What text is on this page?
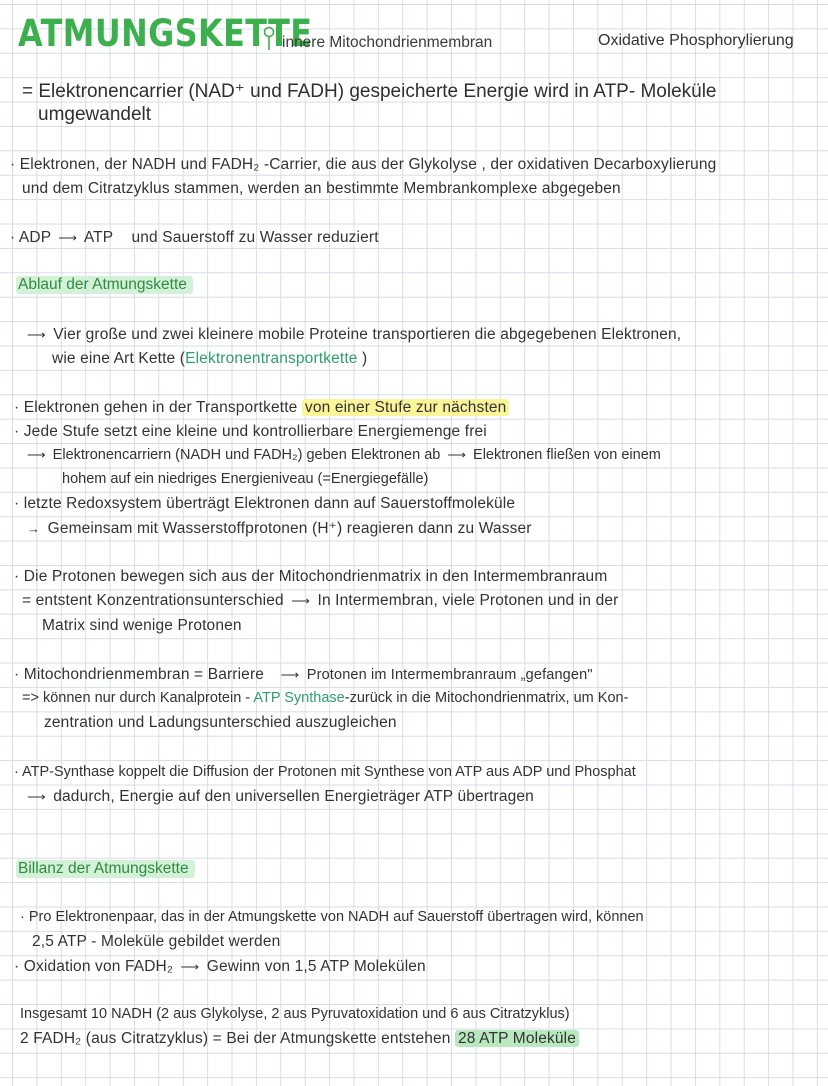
ATMUNGSKETTE
innere Mitochondrienmembran	Oxidative Phosphorylierung
= Elektronencarrier (NAD⁺ und FADH) gespeicherte Energie wird in ATP- Moleküle
umgewandelt
· Elektronen, der NADH und FADH₂ -Carrier, die aus der Glykolyse , der oxidativen Decarboxylierung
und dem Citratzyklus stammen, werden an bestimmte Membrankomplexe abgegeben
· ADP ⟶ ATP und Sauerstoff zu Wasser reduziert
Ablauf der Atmungskette
⟶ Vier große und zwei kleinere mobile Proteine transportieren die abgegebenen Elektronen,
wie eine Art Kette (Elektronentransportkette )
· Elektronen gehen in der Transportkette von einer Stufe zur nächsten
· Jede Stufe setzt eine kleine und kontrollierbare Energiemenge frei
⟶ Elektronencarriern (NADH und FADH₂) geben Elektronen ab ⟶ Elektronen fließen von einem
hohem auf ein niedriges Energieniveau (=Energiegefälle)
· letzte Redoxsystem überträgt Elektronen dann auf Sauerstoffmoleküle
→ Gemeinsam mit Wasserstoffprotonen (H⁺) reagieren dann zu Wasser
· Die Protonen bewegen sich aus der Mitochondrienmatrix in den Intermembranraum
= entstent Konzentrationsunterschied ⟶ In Intermembran, viele Protonen und in der
Matrix sind wenige Protonen
· Mitochondrienmembran = Barriere ⟶ Protonen im Intermembranraum „gefangen"
=> können nur durch Kanalprotein - ATP Synthase-zurück in die Mitochondrienmatrix, um Kon-
zentration und Ladungsunterschied auszugleichen
· ATP-Synthase koppelt die Diffusion der Protonen mit Synthese von ATP aus ADP und Phosphat
⟶ dadurch, Energie auf den universellen Energieträger ATP übertragen
Billanz der Atmungskette
· Pro Elektronenpaar, das in der Atmungskette von NADH auf Sauerstoff übertragen wird, können
2,5 ATP - Moleküle gebildet werden
· Oxidation von FADH₂ ⟶ Gewinn von 1,5 ATP Molekülen
Insgesamt 10 NADH (2 aus Glykolyse, 2 aus Pyruvatoxidation und 6 aus Citratzyklus)
2 FADH₂ (aus Citratzyklus) = Bei der Atmungskette entstehen 28 ATP Moleküle
